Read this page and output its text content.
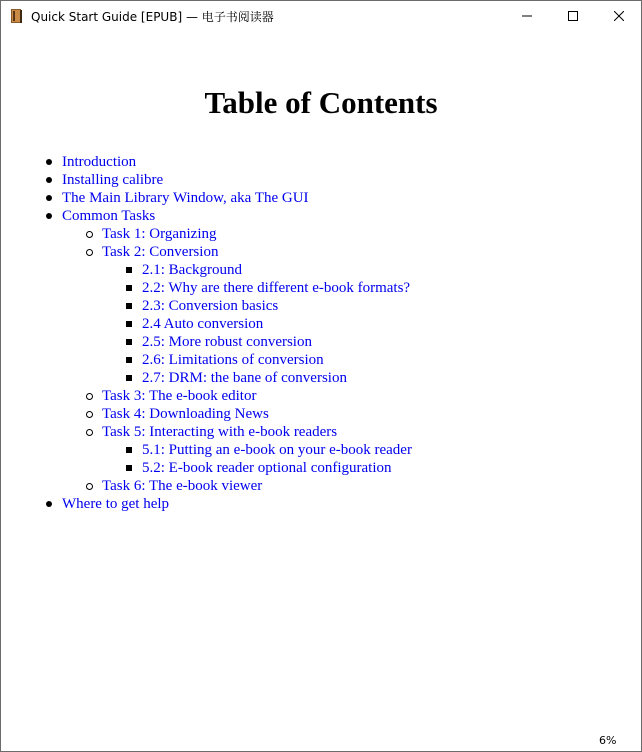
Quick Start Guide [EPUB] — 电子书阅读器
Table of Contents
Introduction
Installing calibre
The Main Library Window, aka The GUI
Common Tasks
Task 1: Organizing
Task 2: Conversion
2.1: Background
2.2: Why are there different e-book formats?
2.3: Conversion basics
2.4 Auto conversion
2.5: More robust conversion
2.6: Limitations of conversion
2.7: DRM: the bane of conversion
Task 3: The e-book editor
Task 4: Downloading News
Task 5: Interacting with e-book readers
5.1: Putting an e-book on your e-book reader
5.2: E-book reader optional configuration
Task 6: The e-book viewer
Where to get help
6%
